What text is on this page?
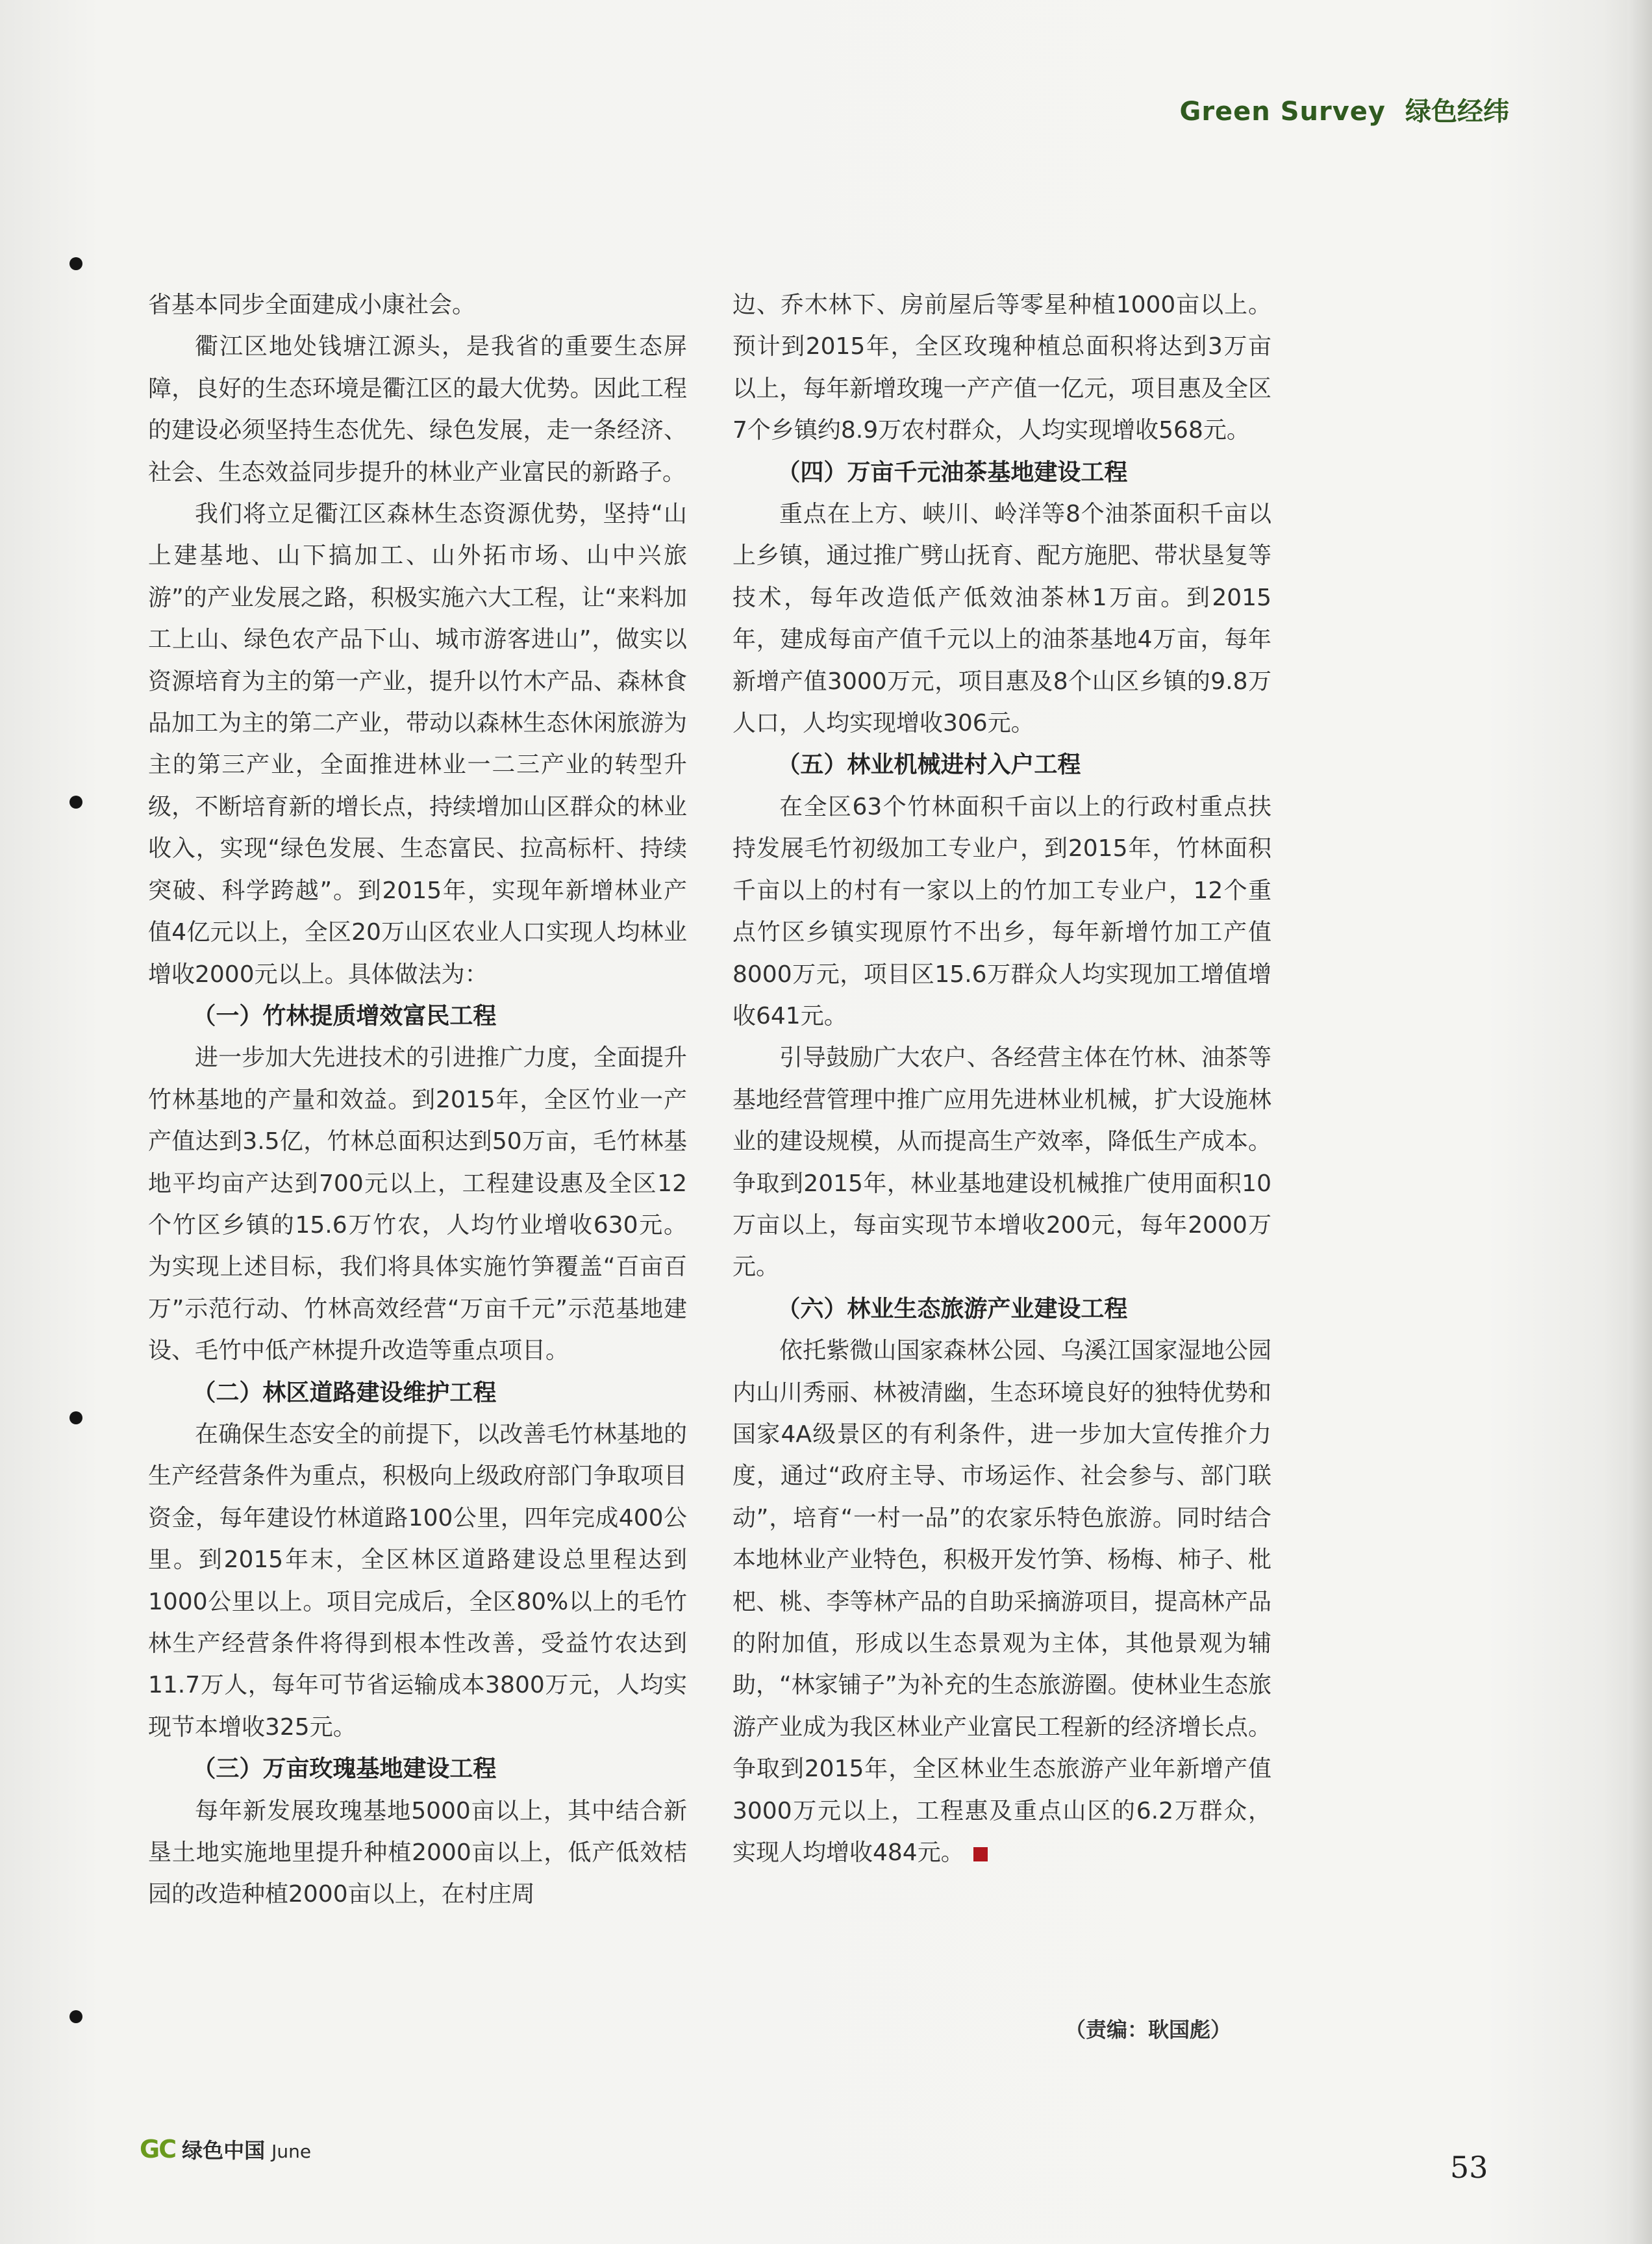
Green Survey 绿色经纬

省基本同步全面建成小康社会。

衢江区地处钱塘江源头，是我省的重要生态屏障，良好的生态环境是衢江区的最大优势。因此工程的建设必须坚持生态优先、绿色发展，走一条经济、社会、生态效益同步提升的林业产业富民的新路子。

我们将立足衢江区森林生态资源优势，坚持“山上建基地、山下搞加工、山外拓市场、山中兴旅游”的产业发展之路，积极实施六大工程，让“来料加工上山、绿色农产品下山、城市游客进山”，做实以资源培育为主的第一产业，提升以竹木产品、森林食品加工为主的第二产业，带动以森林生态休闲旅游为主的第三产业，全面推进林业一二三产业的转型升级，不断培育新的增长点，持续增加山区群众的林业收入，实现“绿色发展、生态富民、拉高标杆、持续突破、科学跨越”。到2015年，实现年新增林业产值4亿元以上，全区20万山区农业人口实现人均林业增收2000元以上。具体做法为：

（一）竹林提质增效富民工程

进一步加大先进技术的引进推广力度，全面提升竹林基地的产量和效益。到2015年，全区竹业一产产值达到3.5亿，竹林总面积达到50万亩，毛竹林基地平均亩产达到700元以上，工程建设惠及全区12个竹区乡镇的15.6万竹农，人均竹业增收630元。为实现上述目标，我们将具体实施竹笋覆盖“百亩百万”示范行动、竹林高效经营“万亩千元”示范基地建设、毛竹中低产林提升改造等重点项目。

（二）林区道路建设维护工程

在确保生态安全的前提下，以改善毛竹林基地的生产经营条件为重点，积极向上级政府部门争取项目资金，每年建设竹林道路100公里，四年完成400公里。到2015年末，全区林区道路建设总里程达到1000公里以上。项目完成后，全区80%以上的毛竹林生产经营条件将得到根本性改善，受益竹农达到11.7万人，每年可节省运输成本3800万元，人均实现节本增收325元。

（三）万亩玫瑰基地建设工程

每年新发展玫瑰基地5000亩以上，其中结合新垦土地实施地里提升种植2000亩以上，低产低效桔园的改造种植2000亩以上，在村庄周

边、乔木林下、房前屋后等零星种植1000亩以上。预计到2015年，全区玫瑰种植总面积将达到3万亩以上，每年新增玫瑰一产产值一亿元，项目惠及全区7个乡镇约8.9万农村群众，人均实现增收568元。

（四）万亩千元油茶基地建设工程

重点在上方、峡川、岭洋等8个油茶面积千亩以上乡镇，通过推广劈山抚育、配方施肥、带状垦复等技术，每年改造低产低效油茶林1万亩。到2015年，建成每亩产值千元以上的油茶基地4万亩，每年新增产值3000万元，项目惠及8个山区乡镇的9.8万人口，人均实现增收306元。

（五）林业机械进村入户工程

在全区63个竹林面积千亩以上的行政村重点扶持发展毛竹初级加工专业户，到2015年，竹林面积千亩以上的村有一家以上的竹加工专业户，12个重点竹区乡镇实现原竹不出乡，每年新增竹加工产值8000万元，项目区15.6万群众人均实现加工增值增收641元。

引导鼓励广大农户、各经营主体在竹林、油茶等基地经营管理中推广应用先进林业机械，扩大设施林业的建设规模，从而提高生产效率，降低生产成本。争取到2015年，林业基地建设机械推广使用面积10万亩以上，每亩实现节本增收200元，每年2000万元。

（六）林业生态旅游产业建设工程

依托紫微山国家森林公园、乌溪江国家湿地公园内山川秀丽、林被清幽，生态环境良好的独特优势和国家4A级景区的有利条件，进一步加大宣传推介力度，通过“政府主导、市场运作、社会参与、部门联动”，培育“一村一品”的农家乐特色旅游。同时结合本地林业产业特色，积极开发竹笋、杨梅、柿子、枇杷、桃、李等林产品的自助采摘游项目，提高林产品的附加值，形成以生态景观为主体，其他景观为辅助，“林家铺子”为补充的生态旅游圈。使林业生态旅游产业成为我区林业产业富民工程新的经济增长点。争取到2015年，全区林业生态旅游产业年新增产值3000万元以上，工程惠及重点山区的6.2万群众，实现人均增收484元。

（责编：耿国彪）
GC 绿色中国 June	53
